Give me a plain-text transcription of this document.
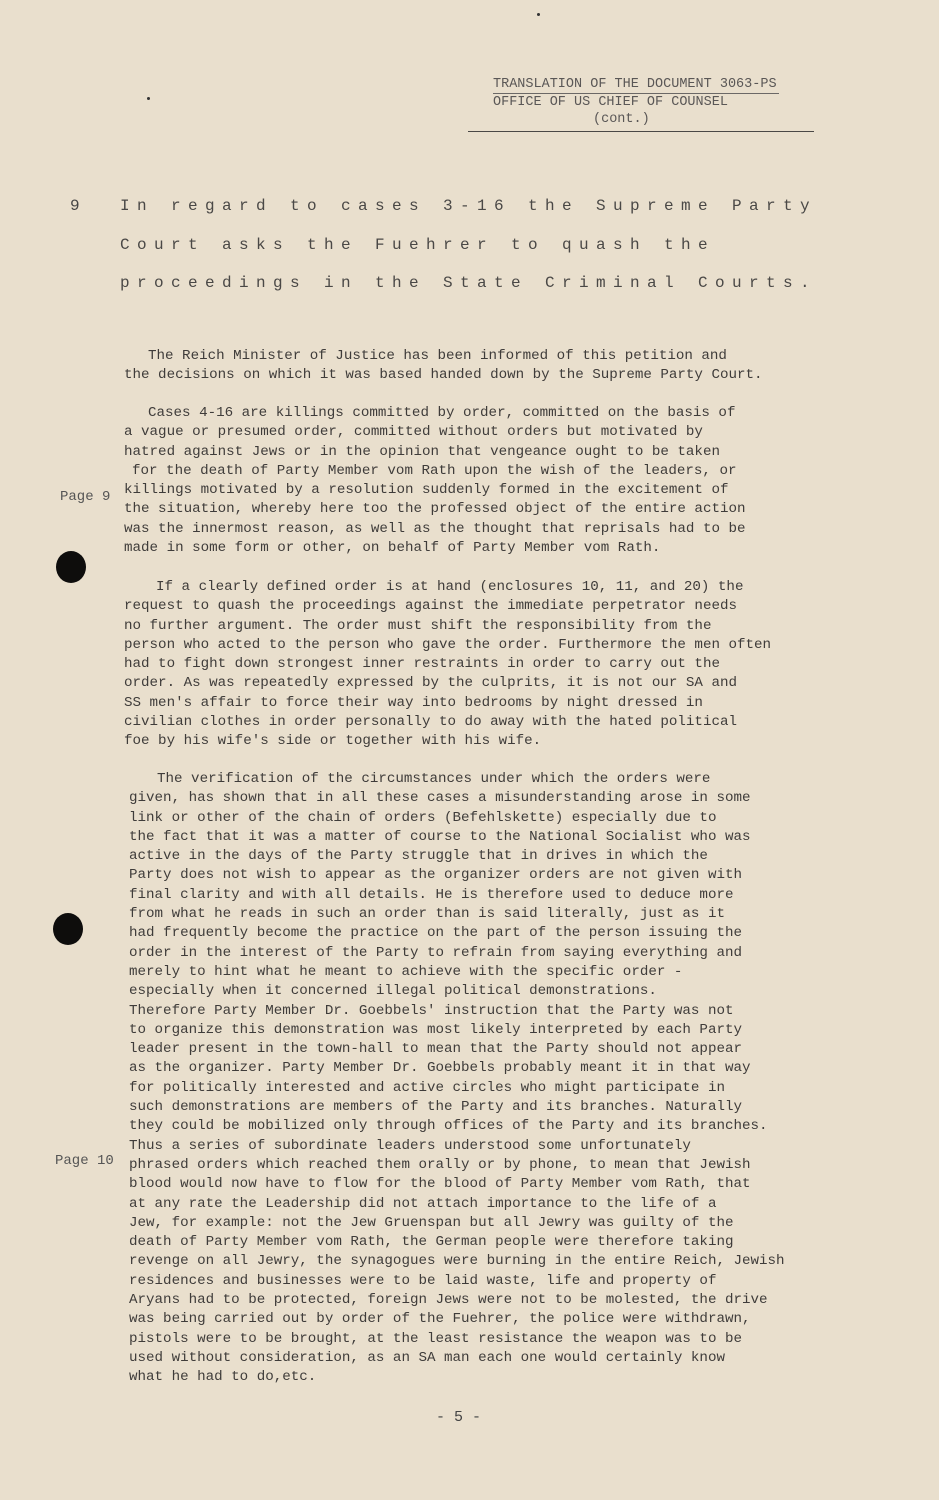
TRANSLATION OF THE DOCUMENT 3063-PS
OFFICE OF US CHIEF OF COUNSEL
(cont.)
9	In regard to cases 3-16 the Supreme Party
Court asks the Fuehrer to quash the
proceedings in the State Criminal Courts.
The Reich Minister of Justice has been informed of this petition and
the decisions on which it was based handed down by the Supreme Party Court.
Cases 4-16 are killings committed by order, committed on the basis of
a vague or presumed order, committed without orders but motivated by
hatred against Jews or in the opinion that vengeance ought to be taken
for the death of Party Member vom Rath upon the wish of the leaders, or
killings motivated by a resolution suddenly formed in the excitement of
the situation, whereby here too the professed object of the entire action
was the innermost reason, as well as the thought that reprisals had to be
made in some form or other, on behalf of Party Member vom Rath.
Page 9
If a clearly defined order is at hand (enclosures 10, 11, and 20) the
request to quash the proceedings against the immediate perpetrator needs
no further argument. The order must shift the responsibility from the
person who acted to the person who gave the order. Furthermore the men often
had to fight down strongest inner restraints in order to carry out the
order. As was repeatedly expressed by the culprits, it is not our SA and
SS men's affair to force their way into bedrooms by night dressed in
civilian clothes in order personally to do away with the hated political
foe by his wife's side or together with his wife.
The verification of the circumstances under which the orders were
given, has shown that in all these cases a misunderstanding arose in some
link or other of the chain of orders (Befehlskette) especially due to
the fact that it was a matter of course to the National Socialist who was
active in the days of the Party struggle that in drives in which the
Party does not wish to appear as the organizer orders are not given with
final clarity and with all details. He is therefore used to deduce more
from what he reads in such an order than is said literally, just as it
had frequently become the practice on the part of the person issuing the
order in the interest of the Party to refrain from saying everything and
merely to hint what he meant to achieve with the specific order -
especially when it concerned illegal political demonstrations.
Therefore Party Member Dr. Goebbels' instruction that the Party was not
to organize this demonstration was most likely interpreted by each Party
leader present in the town-hall to mean that the Party should not appear
as the organizer. Party Member Dr. Goebbels probably meant it in that way
for politically interested and active circles who might participate in
such demonstrations are members of the Party and its branches. Naturally
they could be mobilized only through offices of the Party and its branches.
Thus a series of subordinate leaders understood some unfortunately
phrased orders which reached them orally or by phone, to mean that Jewish
blood would now have to flow for the blood of Party Member vom Rath, that
at any rate the Leadership did not attach importance to the life of a
Jew, for example: not the Jew Gruenspan but all Jewry was guilty of the
death of Party Member vom Rath, the German people were therefore taking
revenge on all Jewry, the synagogues were burning in the entire Reich, Jewish
residences and businesses were to be laid waste, life and property of
Aryans had to be protected, foreign Jews were not to be molested, the drive
was being carried out by order of the Fuehrer, the police were withdrawn,
pistols were to be brought, at the least resistance the weapon was to be
used without consideration, as an SA man each one would certainly know
what he had to do,etc.
Page 10
- 5 -
